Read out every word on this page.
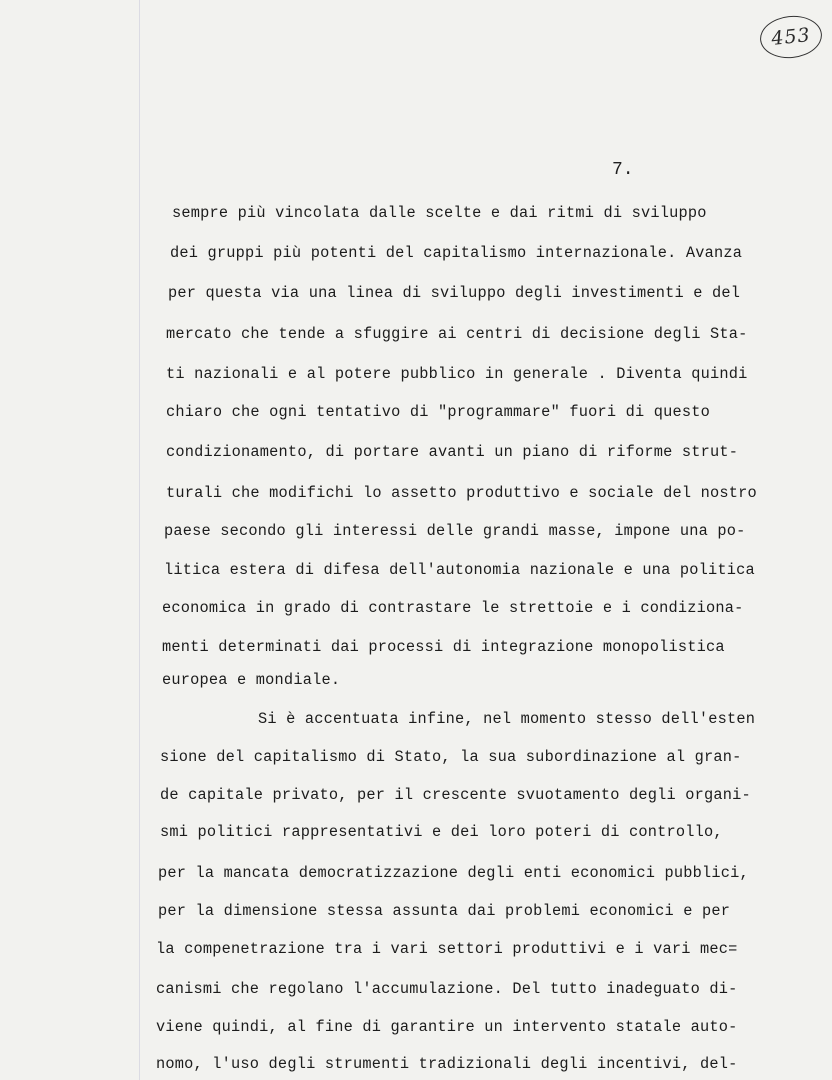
453
7.
sempre più vincolata dalle scelte e dai ritmi di sviluppo
dei gruppi più potenti del capitalismo internazionale. Avanza
per questa via una linea di sviluppo degli investimenti e del
mercato che tende a sfuggire ai centri di decisione degli Sta-
ti nazionali e al potere pubblico in generale . Diventa quindi
chiaro che ogni tentativo di "programmare" fuori di questo
condizionamento, di portare avanti un piano di riforme strut-
turali che modifichi lo assetto produttivo e sociale del nostro
paese secondo gli interessi delle grandi masse, impone una po-
litica estera di difesa dell'autonomia nazionale e una politica
economica in grado di contrastare le strettoie e i condiziona-
menti determinati dai processi di integrazione monopolistica
europea e mondiale.
Si è accentuata infine, nel momento stesso dell'esten
sione del capitalismo di Stato, la sua subordinazione al gran-
de capitale privato, per il crescente svuotamento degli organi-
smi politici rappresentativi e dei loro poteri di controllo,
per la mancata democratizzazione degli enti economici pubblici,
per la dimensione stessa assunta dai problemi economici e per
la compenetrazione tra i vari settori produttivi e i vari mec=
canismi che regolano l'accumulazione. Del tutto inadeguato di-
viene quindi, al fine di garantire un intervento statale auto-
nomo, l'uso degli strumenti tradizionali degli incentivi, del-
